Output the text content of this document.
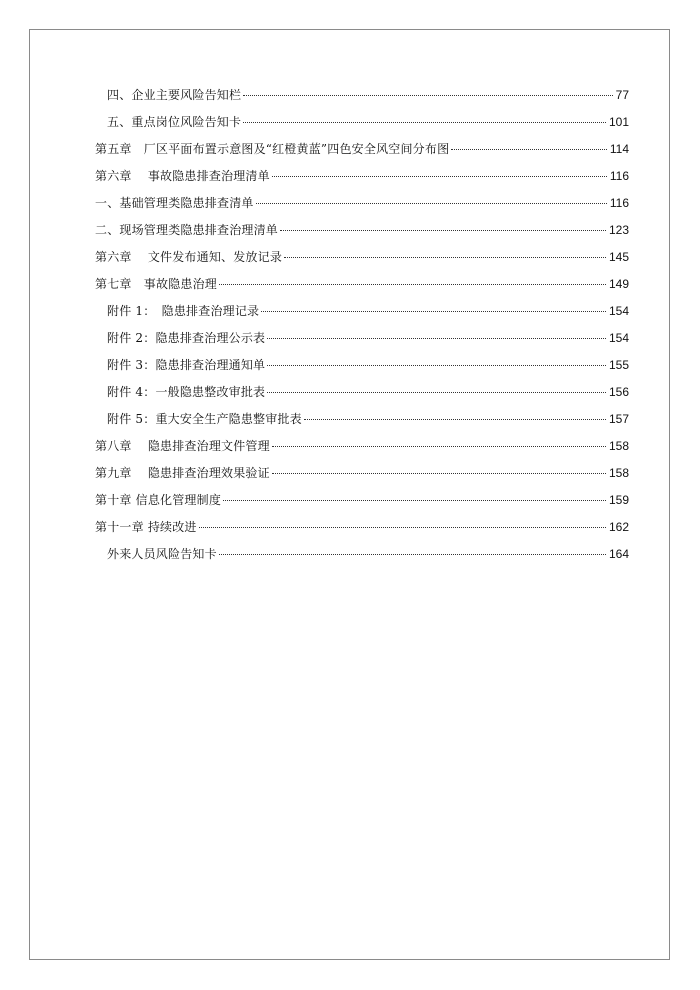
四、企业主要风险告知栏	77
五、重点岗位风险告知卡	101
第五章　厂区平面布置示意图及“红橙黄蓝”四色安全风空间分布图	114
第六章　 事故隐患排查治理清单	116
一、基础管理类隐患排查清单	116
二、现场管理类隐患排查治理清单	123
第六章　 文件发布通知、发放记录	145
第七章　事故隐患治理	149
附件 1：　隐患排查治理记录	154
附件 2：隐患排查治理公示表	154
附件 3：隐患排查治理通知单	155
附件 4：一般隐患整改审批表	156
附件 5：重大安全生产隐患整审批表	157
第八章　 隐患排查治理文件管理	158
第九章　 隐患排查治理效果验证	158
第十章 信息化管理制度	159
第十一章 持续改进	162
外来人员风险告知卡	164
